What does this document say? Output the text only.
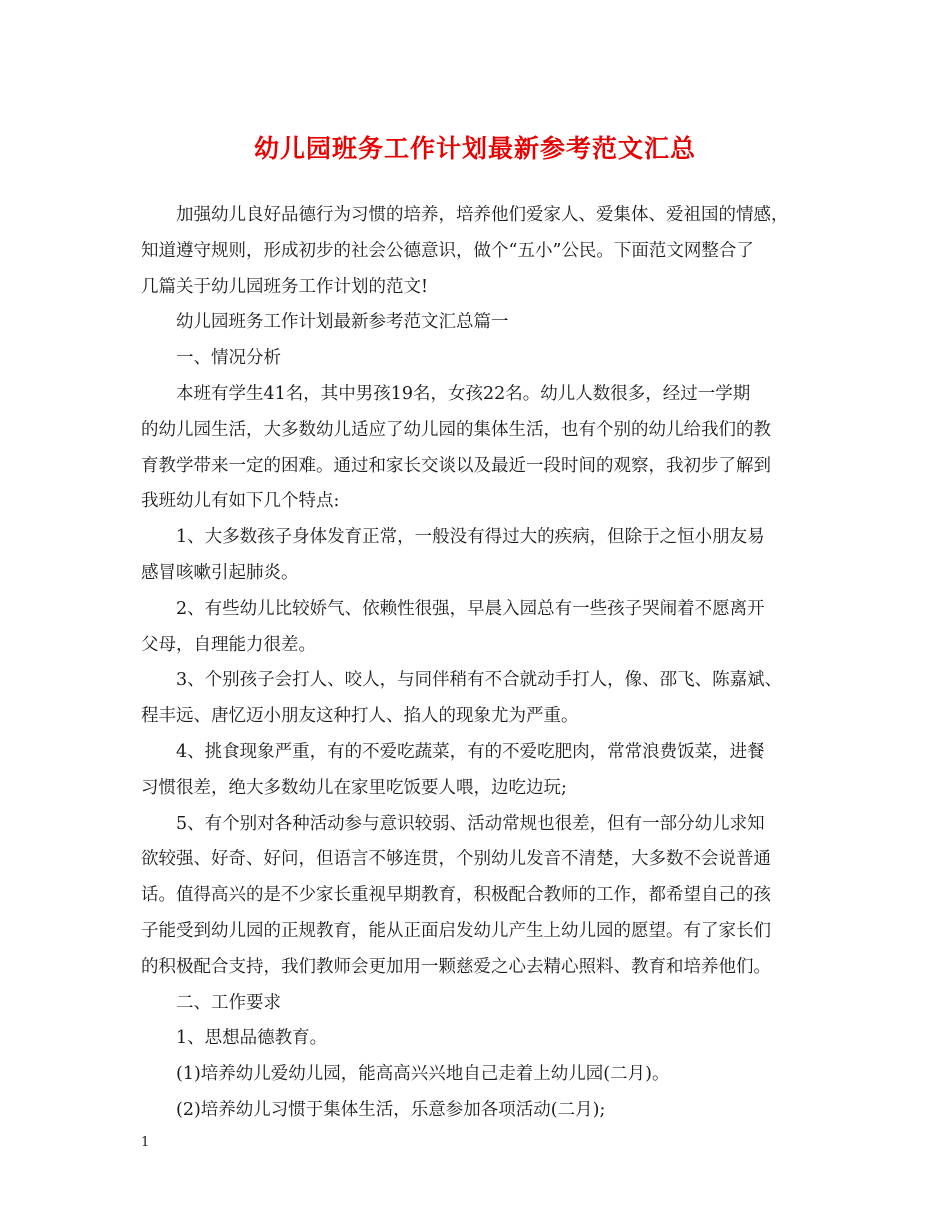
幼儿园班务工作计划最新参考范文汇总

加强幼儿良好品德行为习惯的培养，培养他们爱家人、爱集体、爱祖国的情感，

知道遵守规则，形成初步的社会公德意识，做个“五小”公民。下面范文网整合了

几篇关于幼儿园班务工作计划的范文!

幼儿园班务工作计划最新参考范文汇总篇一

一、情况分析

本班有学生41名，其中男孩19名，女孩22名。幼儿人数很多，经过一学期

的幼儿园生活，大多数幼儿适应了幼儿园的集体生活，也有个别的幼儿给我们的教

育教学带来一定的困难。通过和家长交谈以及最近一段时间的观察，我初步了解到

我班幼儿有如下几个特点:

1、大多数孩子身体发育正常，一般没有得过大的疾病，但除于之恒小朋友易

感冒咳嗽引起肺炎。

2、有些幼儿比较娇气、依赖性很强，早晨入园总有一些孩子哭闹着不愿离开

父母，自理能力很差。

3、个别孩子会打人、咬人，与同伴稍有不合就动手打人，像、邵飞、陈嘉斌、

程丰远、唐忆迈小朋友这种打人、掐人的现象尤为严重。

4、挑食现象严重，有的不爱吃蔬菜，有的不爱吃肥肉，常常浪费饭菜，进餐

习惯很差，绝大多数幼儿在家里吃饭要人喂，边吃边玩;

5、有个别对各种活动参与意识较弱、活动常规也很差，但有一部分幼儿求知

欲较强、好奇、好问，但语言不够连贯，个别幼儿发音不清楚，大多数不会说普通

话。值得高兴的是不少家长重视早期教育，积极配合教师的工作，都希望自己的孩

子能受到幼儿园的正规教育，能从正面启发幼儿产生上幼儿园的愿望。有了家长们

的积极配合支持，我们教师会更加用一颗慈爱之心去精心照料、教育和培养他们。

二、工作要求

1、思想品德教育。

(1)培养幼儿爱幼儿园，能高高兴兴地自己走着上幼儿园(二月)。

(2)培养幼儿习惯于集体生活，乐意参加各项活动(二月);

1
